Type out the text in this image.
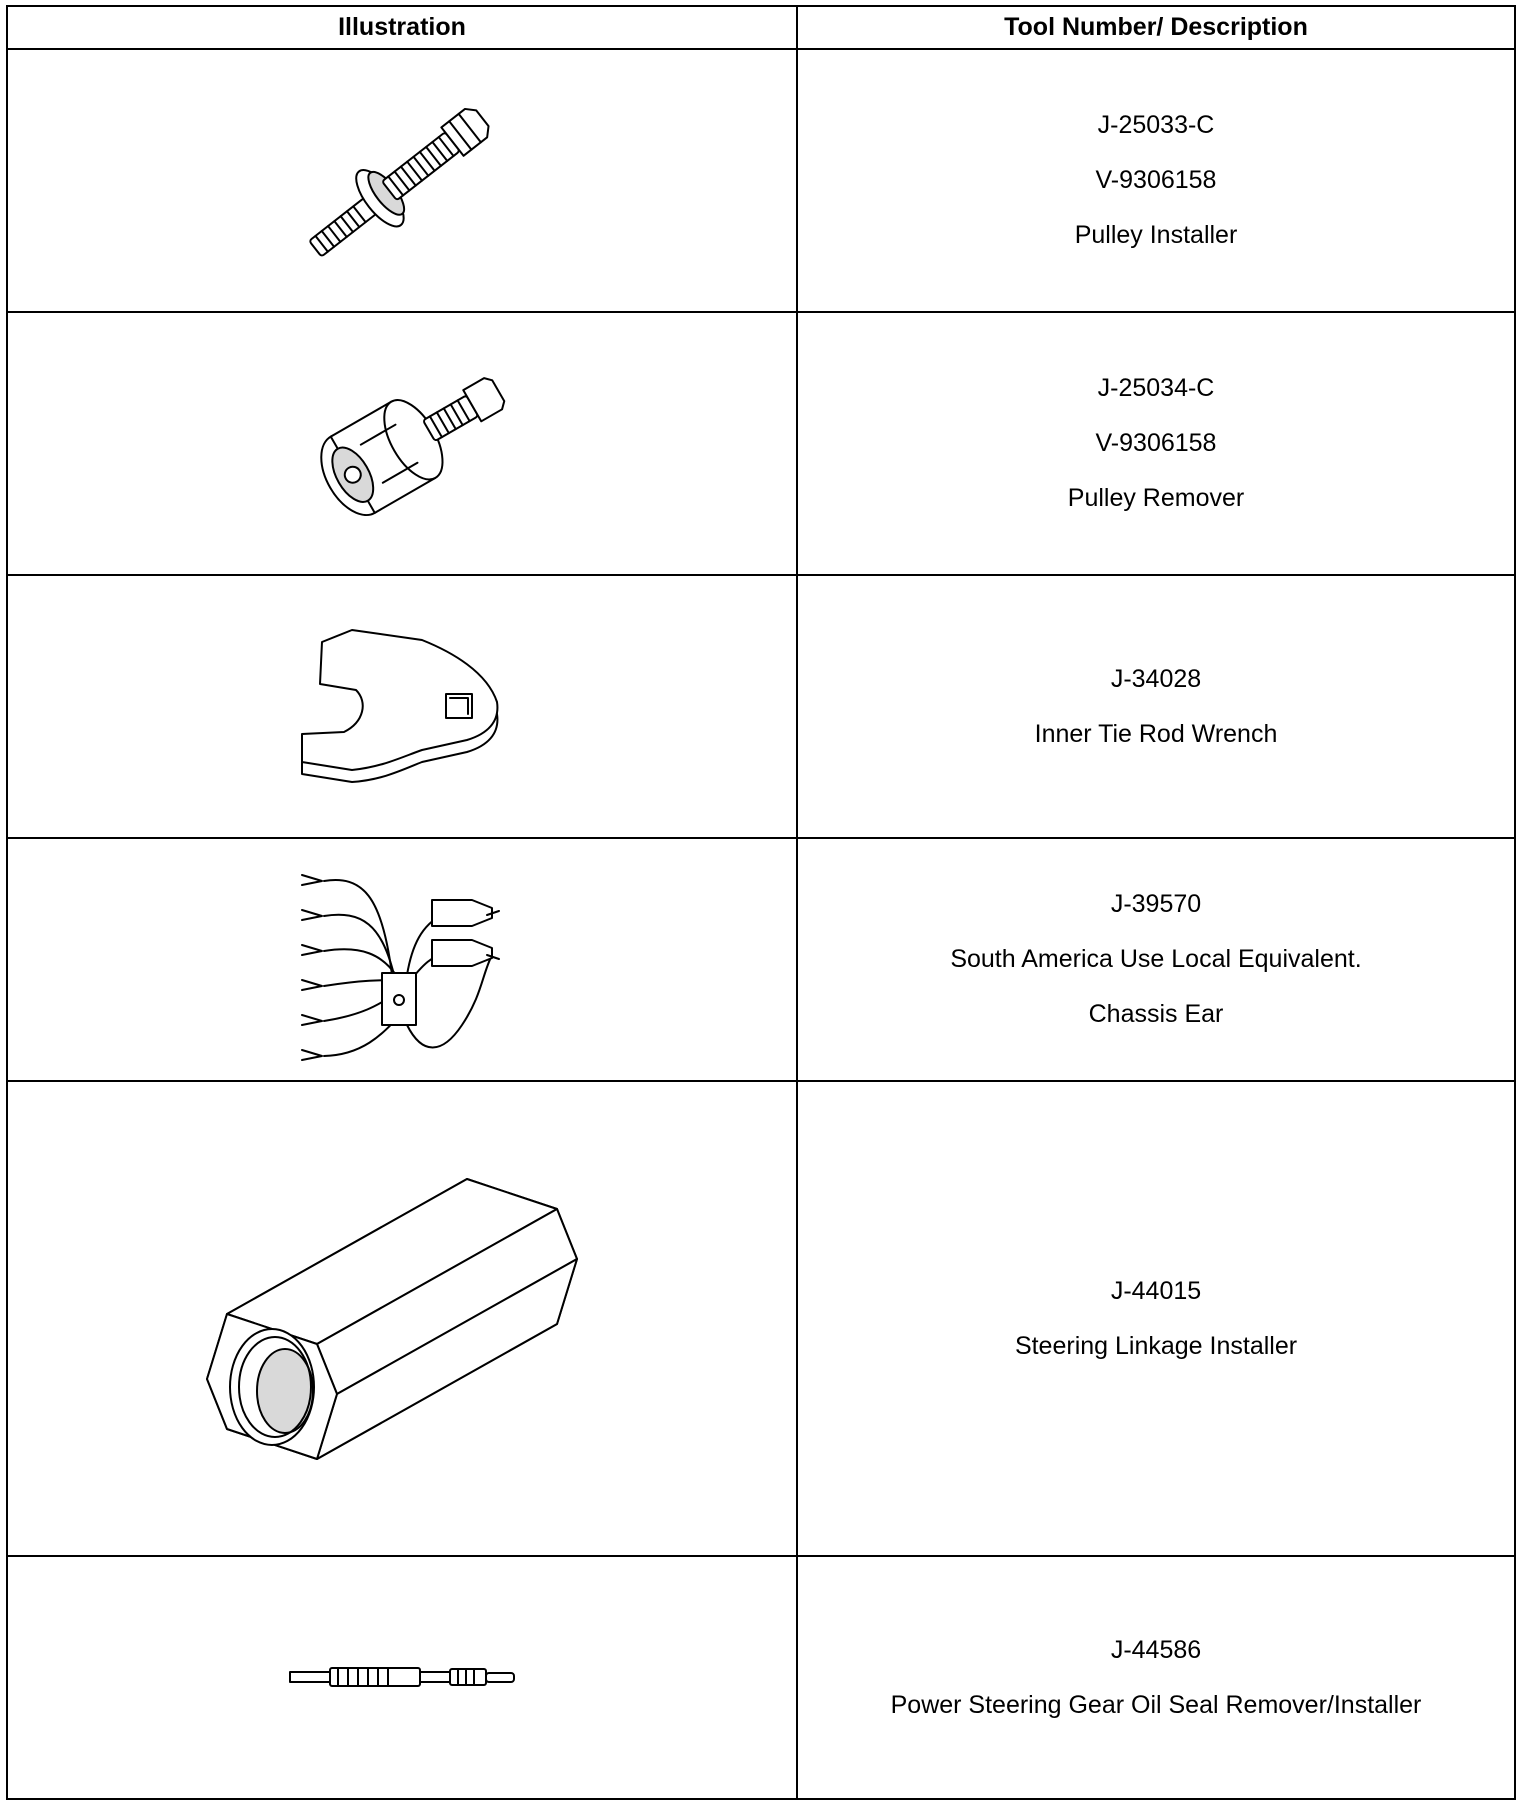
Illustration	Tool Number/ Description

J-25033-C
V-9306158
Pulley Installer

J-25034-C
V-9306158
Pulley Remover

J-34028
Inner Tie Rod Wrench

J-39570
South America Use Local Equivalent.
Chassis Ear

J-44015
Steering Linkage Installer

J-44586
Power Steering Gear Oil Seal Remover/Installer
